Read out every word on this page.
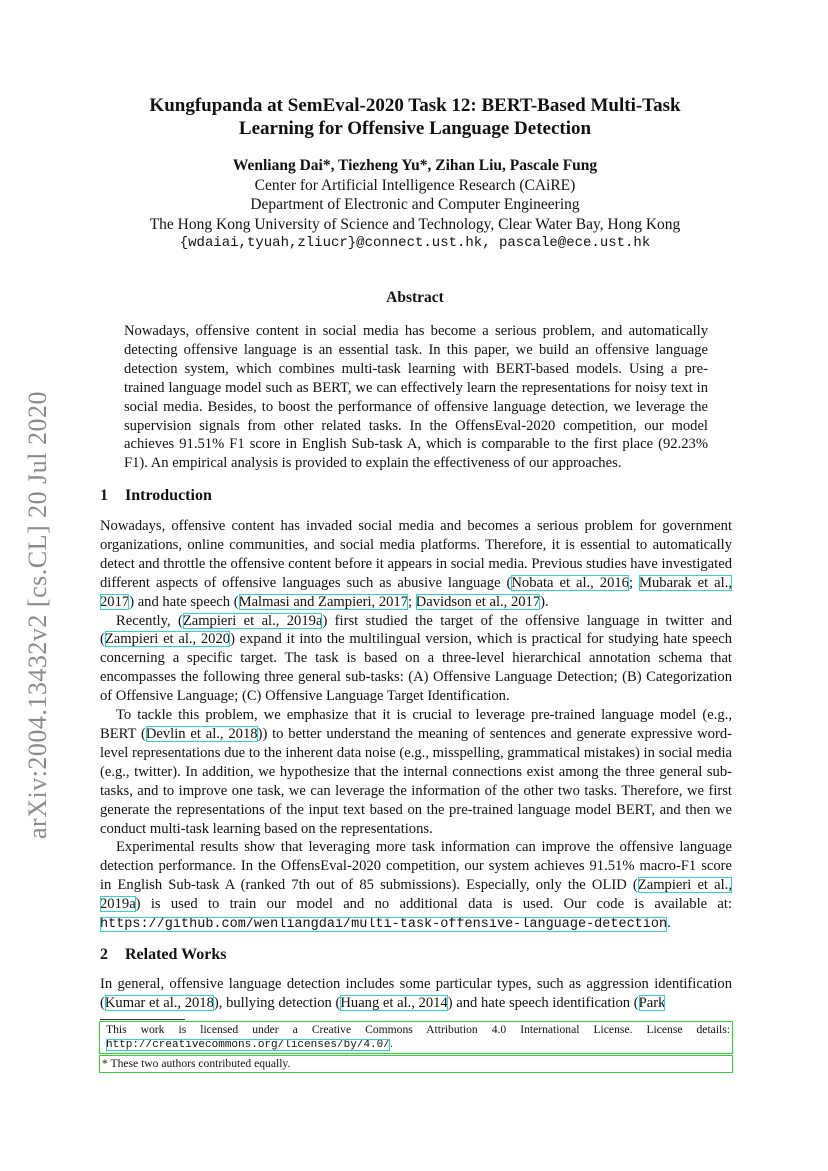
arXiv:2004.13432v2 [cs.CL] 20 Jul 2020
Kungfupanda at SemEval-2020 Task 12: BERT-Based Multi-Task
Learning for Offensive Language Detection
Wenliang Dai*, Tiezheng Yu*, Zihan Liu, Pascale Fung
Center for Artificial Intelligence Research (CAiRE)
Department of Electronic and Computer Engineering
The Hong Kong University of Science and Technology, Clear Water Bay, Hong Kong
{wdaiai,tyuah,zliucr}@connect.ust.hk, pascale@ece.ust.hk
Abstract
Nowadays, offensive content in social media has become a serious problem, and automatically detecting offensive language is an essential task. In this paper, we build an offensive language detection system, which combines multi-task learning with BERT-based models. Using a pre-trained language model such as BERT, we can effectively learn the representations for noisy text in social media. Besides, to boost the performance of offensive language detection, we leverage the supervision signals from other related tasks. In the OffensEval-2020 competition, our model achieves 91.51% F1 score in English Sub-task A, which is comparable to the first place (92.23% F1). An empirical analysis is provided to explain the effectiveness of our approaches.
1 Introduction

Nowadays, offensive content has invaded social media and becomes a serious problem for government organizations, online communities, and social media platforms. Therefore, it is essential to automatically detect and throttle the offensive content before it appears in social media. Previous studies have investigated different aspects of offensive languages such as abusive language (Nobata et al., 2016; Mubarak et al., 2017) and hate speech (Malmasi and Zampieri, 2017; Davidson et al., 2017).

Recently, (Zampieri et al., 2019a) first studied the target of the offensive language in twitter and (Zampieri et al., 2020) expand it into the multilingual version, which is practical for studying hate speech concerning a specific target. The task is based on a three-level hierarchical annotation schema that encompasses the following three general sub-tasks: (A) Offensive Language Detection; (B) Categorization of Offensive Language; (C) Offensive Language Target Identification.

To tackle this problem, we emphasize that it is crucial to leverage pre-trained language model (e.g., BERT (Devlin et al., 2018)) to better understand the meaning of sentences and generate expressive word-level representations due to the inherent data noise (e.g., misspelling, grammatical mistakes) in social media (e.g., twitter). In addition, we hypothesize that the internal connections exist among the three general sub-tasks, and to improve one task, we can leverage the information of the other two tasks. Therefore, we first generate the representations of the input text based on the pre-trained language model BERT, and then we conduct multi-task learning based on the representations.

Experimental results show that leveraging more task information can improve the offensive language detection performance. In the OffensEval-2020 competition, our system achieves 91.51% macro-F1 score in English Sub-task A (ranked 7th out of 85 submissions). Especially, only the OLID (Zampieri et al., 2019a) is used to train our model and no additional data is used. Our code is available at: https://github.com/wenliangdai/multi-task-offensive-language-detection.

2 Related Works

In general, offensive language detection includes some particular types, such as aggression identification (Kumar et al., 2018), bullying detection (Huang et al., 2014) and hate speech identification (Park

This work is licensed under a Creative Commons Attribution 4.0 International License. License details: http://creativecommons.org/licenses/by/4.0/.
* These two authors contributed equally.
